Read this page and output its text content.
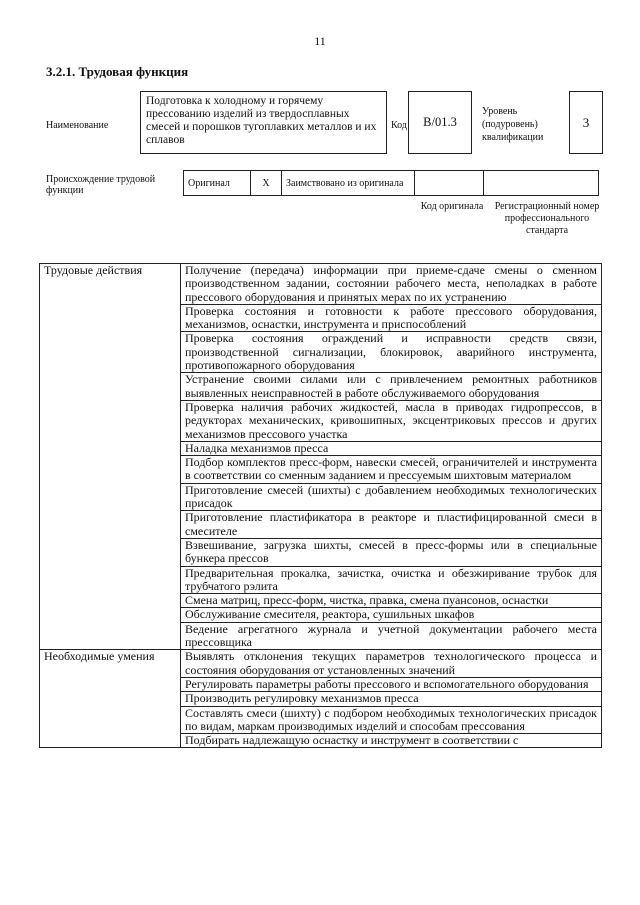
11
3.2.1. Трудовая функция
Наименование
Подготовка к холодному и горячему прессованию изделий из твердосплавных смесей и порошков тугоплавких металлов и их сплавов
Код	B/01.3
Уровень (подуровень) квалификации
3
Происхождение трудовой функции
Оригинал	X	Заимствовано из оригинала		
Код оригинала Регистрационный номер профессионального стандарта
Трудовые действия	Получение (передача) информации при приеме-сдаче смены о сменном производственном задании, состоянии рабочего места, неполадках в работе прессового оборудования и принятых мерах по их устранению
	Проверка состояния и готовности к работе прессового оборудования, механизмов, оснастки, инструмента и приспособлений
	Проверка состояния ограждений и исправности средств связи, производственной сигнализации, блокировок, аварийного инструмента, противопожарного оборудования
	Устранение своими силами или с привлечением ремонтных работников выявленных неисправностей в работе обслуживаемого оборудования
	Проверка наличия рабочих жидкостей, масла в приводах гидропрессов, в редукторах механических, кривошипных, эксцентриковых прессов и других механизмов прессового участка
	Наладка механизмов пресса
	Подбор комплектов пресс-форм, навески смесей, ограничителей и инструмента в соответствии со сменным заданием и прессуемым шихтовым материалом
	Приготовление смесей (шихты) с добавлением необходимых технологических присадок
	Приготовление пластификатора в реакторе и пластифицированной смеси в смесителе
	Взвешивание, загрузка шихты, смесей в пресс-формы или в специальные бункера прессов
	Предварительная прокалка, зачистка, очистка и обезжиривание трубок для трубчатого рэлита
	Смена матриц, пресс-форм, чистка, правка, смена пуансонов, оснастки
	Обслуживание смесителя, реактора, сушильных шкафов
	Ведение агрегатного журнала и учетной документации рабочего места прессовщика
Необходимые умения	Выявлять отклонения текущих параметров технологического процесса и состояния оборудования от установленных значений
	Регулировать параметры работы прессового и вспомогательного оборудования
	Производить регулировку механизмов пресса
	Составлять смеси (шихту) с подбором необходимых технологических присадок по видам, маркам производимых изделий и способам прессования
	Подбирать надлежащую оснастку и инструмент в соответствии с
